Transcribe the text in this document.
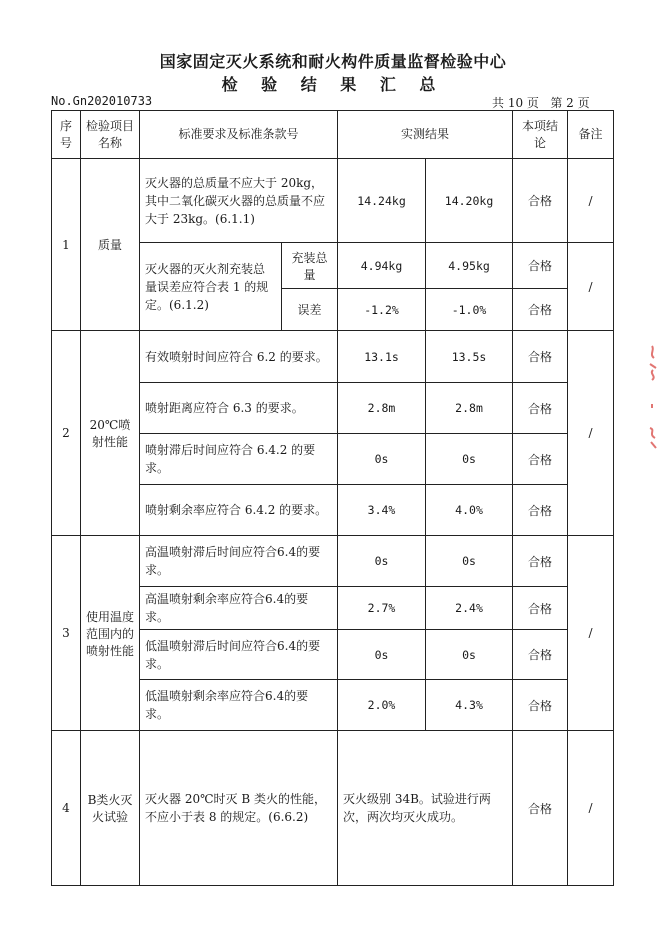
国家固定灭火系统和耐火构件质量监督检验中心
检 验 结 果 汇 总
No.Gn202010733	共 10 页 第 2 页
序号	检验项目名称	标准要求及标准条款号		实测结果		本项结论	备注
1	质量	灭火器的总质量不应大于 20kg，其中二氧化碳灭火器的总质量不应大于 23kg。(6.1.1)		14.24kg	14.20kg	合格	/
		灭火器的灭火剂充装总量误差应符合表 1 的规定。(6.1.2)	充装总量	4.94kg	4.95kg	合格	/
			误差	-1.2%	-1.0%	合格	
2	20℃喷射性能	有效喷射时间应符合 6.2 的要求。		13.1s	13.5s	合格	/
		喷射距离应符合 6.3 的要求。		2.8m	2.8m	合格	
		喷射滞后时间应符合 6.4.2 的要求。		0s	0s	合格	
		喷射剩余率应符合 6.4.2 的要求。		3.4%	4.0%	合格	
3	使用温度范围内的喷射性能	高温喷射滞后时间应符合6.4的要求。		0s	0s	合格	/
		高温喷射剩余率应符合6.4的要求。		2.7%	2.4%	合格	
		低温喷射滞后时间应符合6.4的要求。		0s	0s	合格	
		低温喷射剩余率应符合6.4的要求。		2.0%	4.3%	合格	
4	B类火灭火试验	灭火器 20℃时灭 B 类火的性能，不应小于表 8 的规定。(6.6.2)		灭火级别 34B。试验进行两次，两次均灭火成功。		合格	/
